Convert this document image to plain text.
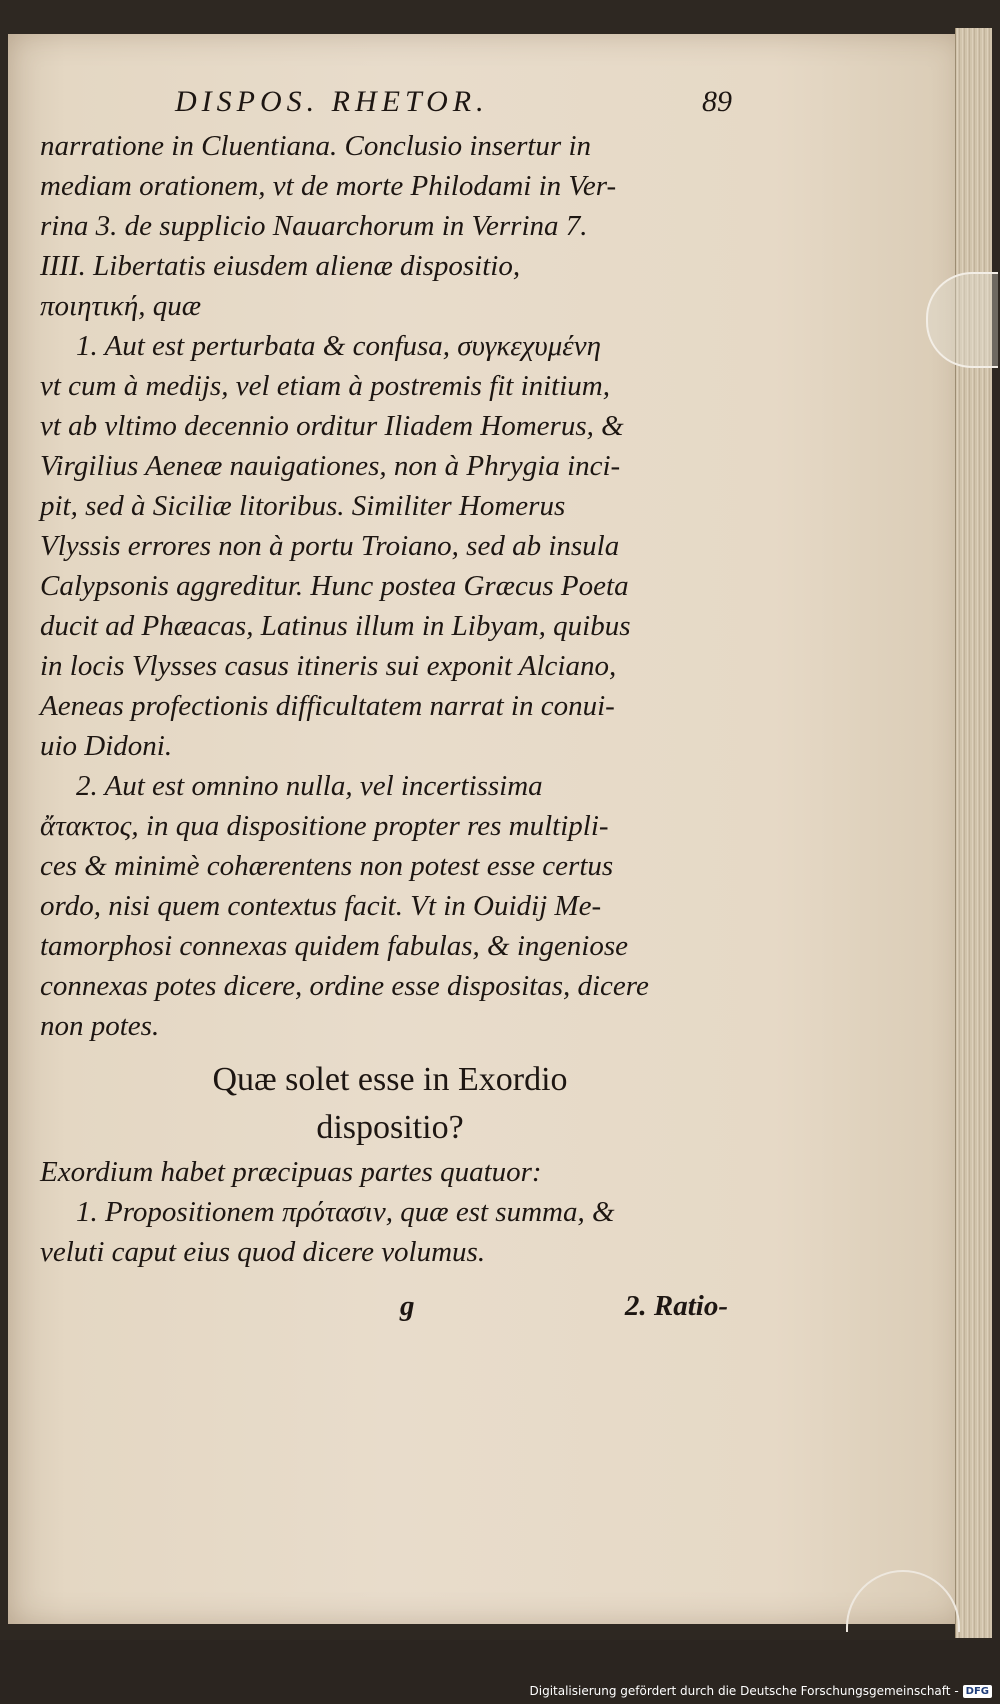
DISPOS. RHETOR.	89
narratione in Cluentiana. Conclusio insertur in
mediam orationem, vt de morte Philodami in Ver-
rina 3. de supplicio Nauarchorum in Verrina 7.
IIII. Libertatis eiusdem alienæ dispositio,
ποιητική, quæ
1. Aut est perturbata & confusa, συγκεχυμένη
vt cum à medijs, vel etiam à postremis fit initium,
vt ab vltimo decennio orditur Iliadem Homerus, &
Virgilius Aeneæ nauigationes, non à Phrygia inci-
pit, sed à Siciliæ litoribus. Similiter Homerus
Vlyssis errores non à portu Troiano, sed ab insula
Calypsonis aggreditur. Hunc postea Græcus Poeta
ducit ad Phæacas, Latinus illum in Libyam, quibus
in locis Vlysses casus itineris sui exponit Alciano,
Aeneas profectionis difficultatem narrat in conui-
uio Didoni.
2. Aut est omnino nulla, vel incertissima
ἄτακτος, in qua dispositione propter res multipli-
ces & minimè cohærentens non potest esse certus
ordo, nisi quem contextus facit. Vt in Ouidij Me-
tamorphosi connexas quidem fabulas, & ingeniose
connexas potes dicere, ordine esse dispositas, dicere
non potes.
Quæ solet esse in Exordio
dispositio?
Exordium habet præcipuas partes quatuor:
1. Propositionem πρότασιν, quæ est summa, &
veluti caput eius quod dicere volumus.
g	2. Ratio-
Digitalisierung gefördert durch die Deutsche Forschungsgemeinschaft - DFG
